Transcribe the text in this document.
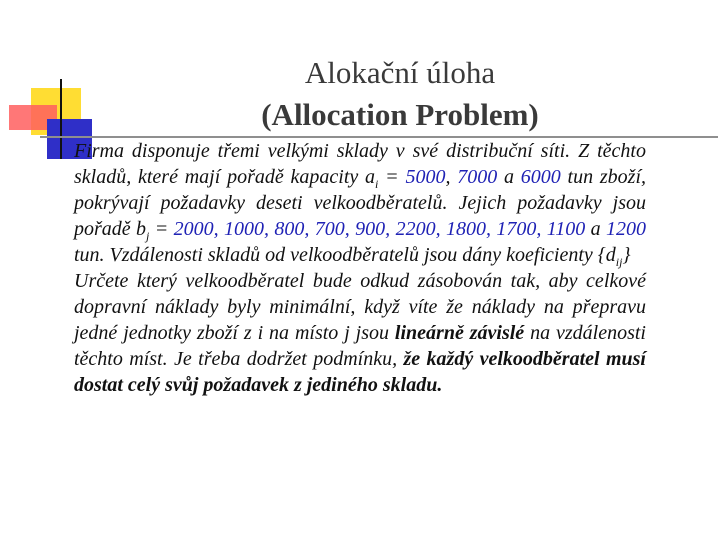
Alokační úloha
(Allocation Problem)

Firma disponuje třemi velkými sklady v své distribuční síti. Z těchto skladů, které mají pořadě kapacity $a_i = 5000$, 7000 a 6000 tun zboží, pokrývají požadavky deseti velkoodběratelů. Jejich požadavky jsou pořadě $b_j = 2000$, 1000, 800, 700, 900, 2200, 1800, 1700, 1100 a 1200 tun. Vzdálenosti skladů od velkoodběratelů jsou dány koeficienty $\{d_{ij}\}$

Určete který velkoodběratel bude odkud zásobován tak, aby celkové dopravní náklady byly minimální, když víte že náklady na přepravu jedné jednotky zboží z i na místo j jsou lineárně závislé na vzdálenosti těchto míst. Je třeba dodržet podmínku, že každý velkoodběratel musí dostat celý svůj požadavek z jediného skladu.
